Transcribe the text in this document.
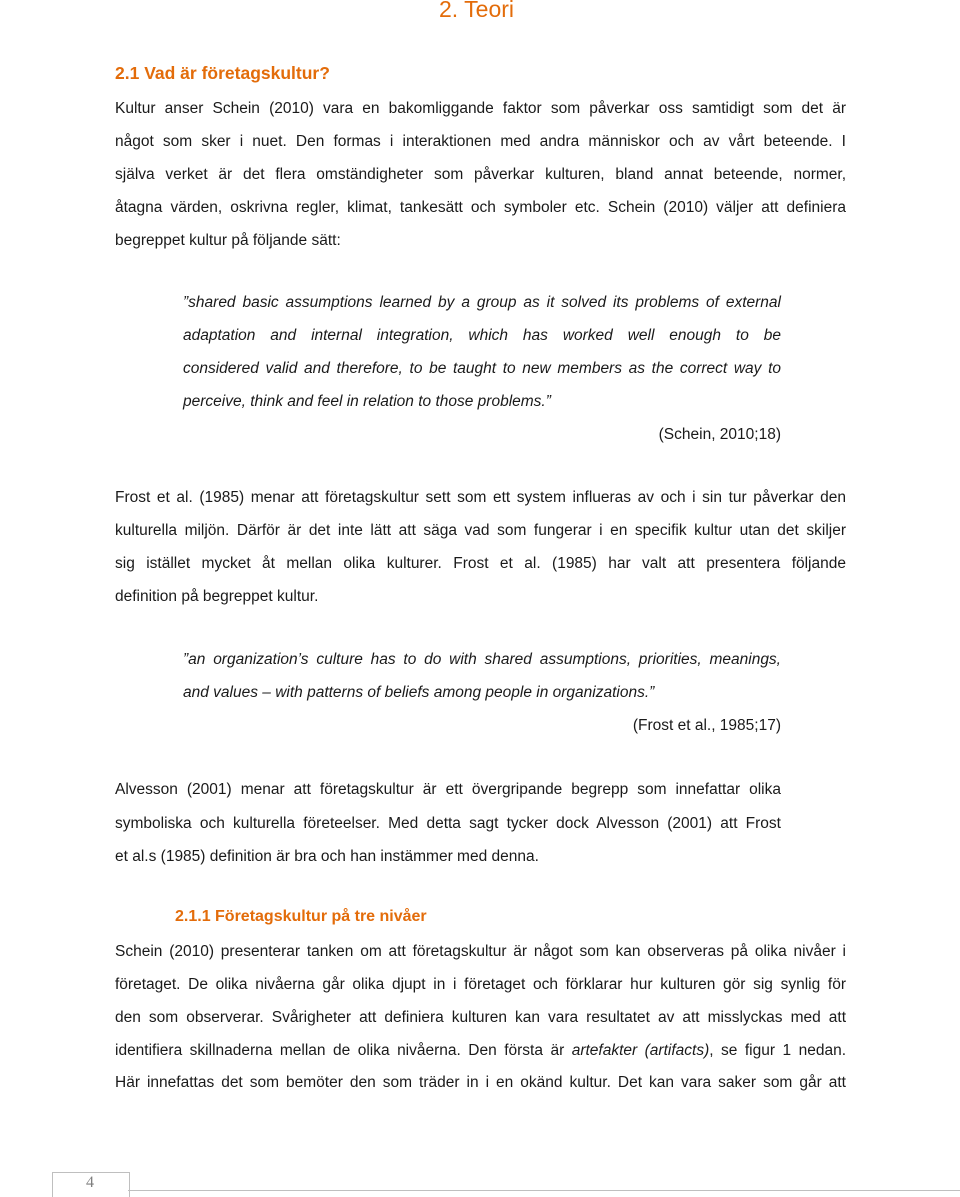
2. Teori
2.1 Vad är företagskultur?
Kultur anser Schein (2010) vara en bakomliggande faktor som påverkar oss samtidigt som det är
något som sker i nuet. Den formas i interaktionen med andra människor och av vårt beteende. I
själva verket är det flera omständigheter som påverkar kulturen, bland annat beteende, normer,
åtagna värden, oskrivna regler, klimat, tankesätt och symboler etc. Schein (2010) väljer att definiera
begreppet kultur på följande sätt:
”shared basic assumptions learned by a group as it solved its problems of external
adaptation and internal integration, which has worked well enough to be
considered valid and therefore, to be taught to new members as the correct way to
perceive, think and feel in relation to those problems.”
(Schein, 2010;18)
Frost et al. (1985) menar att företagskultur sett som ett system influeras av och i sin tur påverkar den
kulturella miljön. Därför är det inte lätt att säga vad som fungerar i en specifik kultur utan det skiljer
sig istället mycket åt mellan olika kulturer. Frost et al. (1985) har valt att presentera följande
definition på begreppet kultur.
”an organization’s culture has to do with shared assumptions, priorities, meanings,
and values – with patterns of beliefs among people in organizations.”
(Frost et al., 1985;17)
Alvesson (2001) menar att företagskultur är ett övergripande begrepp som innefattar olika
symboliska och kulturella företeelser. Med detta sagt tycker dock Alvesson (2001) att Frost
et al.s (1985) definition är bra och han instämmer med denna.
2.1.1 Företagskultur på tre nivåer
Schein (2010) presenterar tanken om att företagskultur är något som kan observeras på olika nivåer i
företaget. De olika nivåerna går olika djupt in i företaget och förklarar hur kulturen gör sig synlig för
den som observerar. Svårigheter att definiera kulturen kan vara resultatet av att misslyckas med att
identifiera skillnaderna mellan de olika nivåerna. Den första är artefakter (artifacts), se figur 1 nedan.
Här innefattas det som bemöter den som träder in i en okänd kultur. Det kan vara saker som går att
4
